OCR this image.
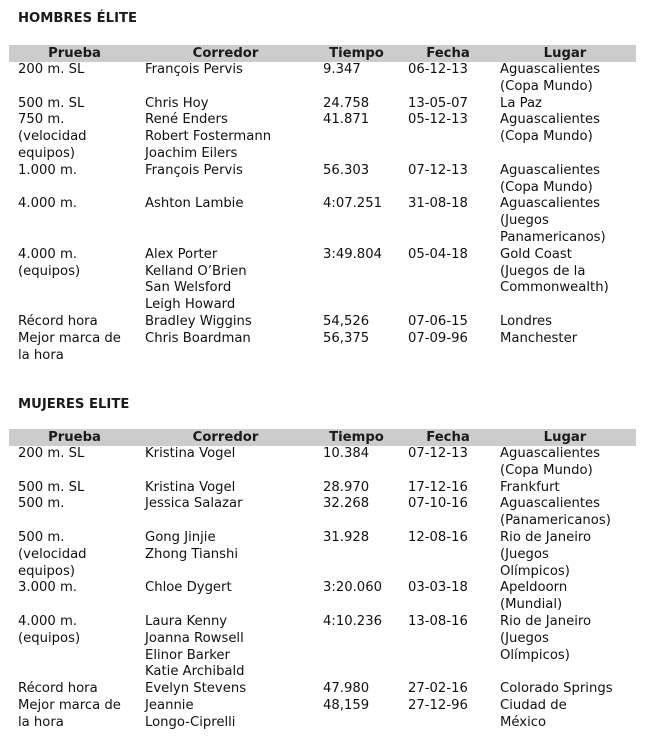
HOMBRES ÉLITE
Prueba	Corredor	Tiempo	Fecha	Lugar

200 m. SL	François Pervis	9.347	06-12-13	Aguascalientes
(Copa Mundo)

500 m. SL	Chris Hoy	24.758	13-05-07	La Paz

750 m.
(velocidad
equipos)	René Enders
Robert Fostermann
Joachim Eilers	41.871	05-12-13	Aguascalientes
(Copa Mundo)

1.000 m.	François Pervis	56.303	07-12-13	Aguascalientes
(Copa Mundo)

4.000 m.	Ashton Lambie	4:07.251	31-08-18	Aguascalientes
(Juegos
Panamericanos)

4.000 m.
(equipos)	Alex Porter
Kelland O’Brien
San Welsford
Leigh Howard	3:49.804	05-04-18	Gold Coast
(Juegos de la
Commonwealth)

Récord hora	Bradley Wiggins	54,526	07-06-15	Londres

Mejor marca de
la hora	Chris Boardman	56,375	07-09-96	Manchester
MUJERES ELITE
Prueba	Corredor	Tiempo	Fecha	Lugar

200 m. SL	Kristina Vogel	10.384	07-12-13	Aguascalientes
(Copa Mundo)

500 m. SL	Kristina Vogel	28.970	17-12-16	Frankfurt

500 m.	Jessica Salazar	32.268	07-10-16	Aguascalientes
(Panamericanos)

500 m.
(velocidad
equipos)	Gong Jinjie
Zhong Tianshi	31.928	12-08-16	Rio de Janeiro
(Juegos
Olímpicos)

3.000 m.	Chloe Dygert	3:20.060	03-03-18	Apeldoorn
(Mundial)

4.000 m.
(equipos)	Laura Kenny
Joanna Rowsell
Elinor Barker
Katie Archibald	4:10.236	13-08-16	Rio de Janeiro
(Juegos
Olímpicos)

Récord hora	Evelyn Stevens	47.980	27-02-16	Colorado Springs

Mejor marca de
la hora	Jeannie
Longo-Ciprelli	48,159	27-12-96	Ciudad de
México
